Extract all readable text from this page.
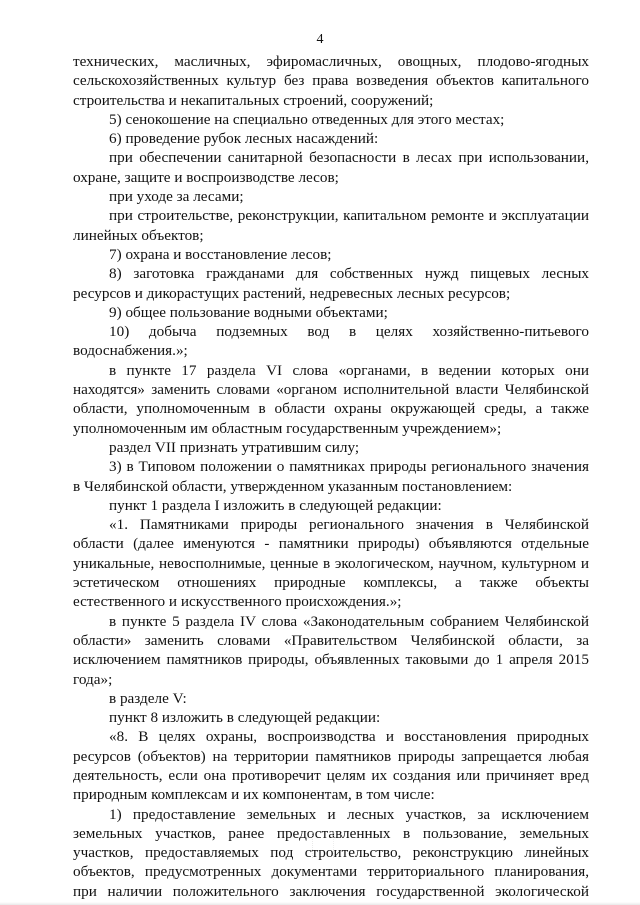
4

технических, масличных, эфиромасличных, овощных, плодово-ягодных сельскохозяйственных культур без права возведения объектов капитального строительства и некапитальных строений, сооружений;

5) сенокошение на специально отведенных для этого местах;

6) проведение рубок лесных насаждений:

при обеспечении санитарной безопасности в лесах при использовании, охране, защите и воспроизводстве лесов;

при уходе за лесами;

при строительстве, реконструкции, капитальном ремонте и эксплуатации линейных объектов;

7) охрана и восстановление лесов;

8) заготовка гражданами для собственных нужд пищевых лесных ресурсов и дикорастущих растений, недревесных лесных ресурсов;

9) общее пользование водными объектами;

10) добыча подземных вод в целях хозяйственно-питьевого водоснабжения.»;

в пункте 17 раздела VI слова «органами, в ведении которых они находятся» заменить словами «органом исполнительной власти Челябинской области, уполномоченным в области охраны окружающей среды, а также уполномоченным им областным государственным учреждением»;

раздел VII признать утратившим силу;

3) в Типовом положении о памятниках природы регионального значения в Челябинской области, утвержденном указанным постановлением:

пункт 1 раздела I изложить в следующей редакции:

«1. Памятниками природы регионального значения в Челябинской области (далее именуются - памятники природы) объявляются отдельные уникальные, невосполнимые, ценные в экологическом, научном, культурном и эстетическом отношениях природные комплексы, а также объекты естественного и искусственного происхождения.»;

в пункте 5 раздела IV слова «Законодательным собранием Челябинской области» заменить словами «Правительством Челябинской области, за исключением памятников природы, объявленных таковыми до 1 апреля 2015 года»;

в разделе V:

пункт 8 изложить в следующей редакции:

«8. В целях охраны, воспроизводства и восстановления природных ресурсов (объектов) на территории памятников природы запрещается любая деятельность, если она противоречит целям их создания или причиняет вред природным комплексам и их компонентам, в том числе:

1) предоставление земельных и лесных участков, за исключением земельных участков, ранее предоставленных в пользование, земельных участков, предоставляемых под строительство, реконструкцию линейных объектов, предусмотренных документами территориального планирования, при наличии положительного заключения государственной экологической
